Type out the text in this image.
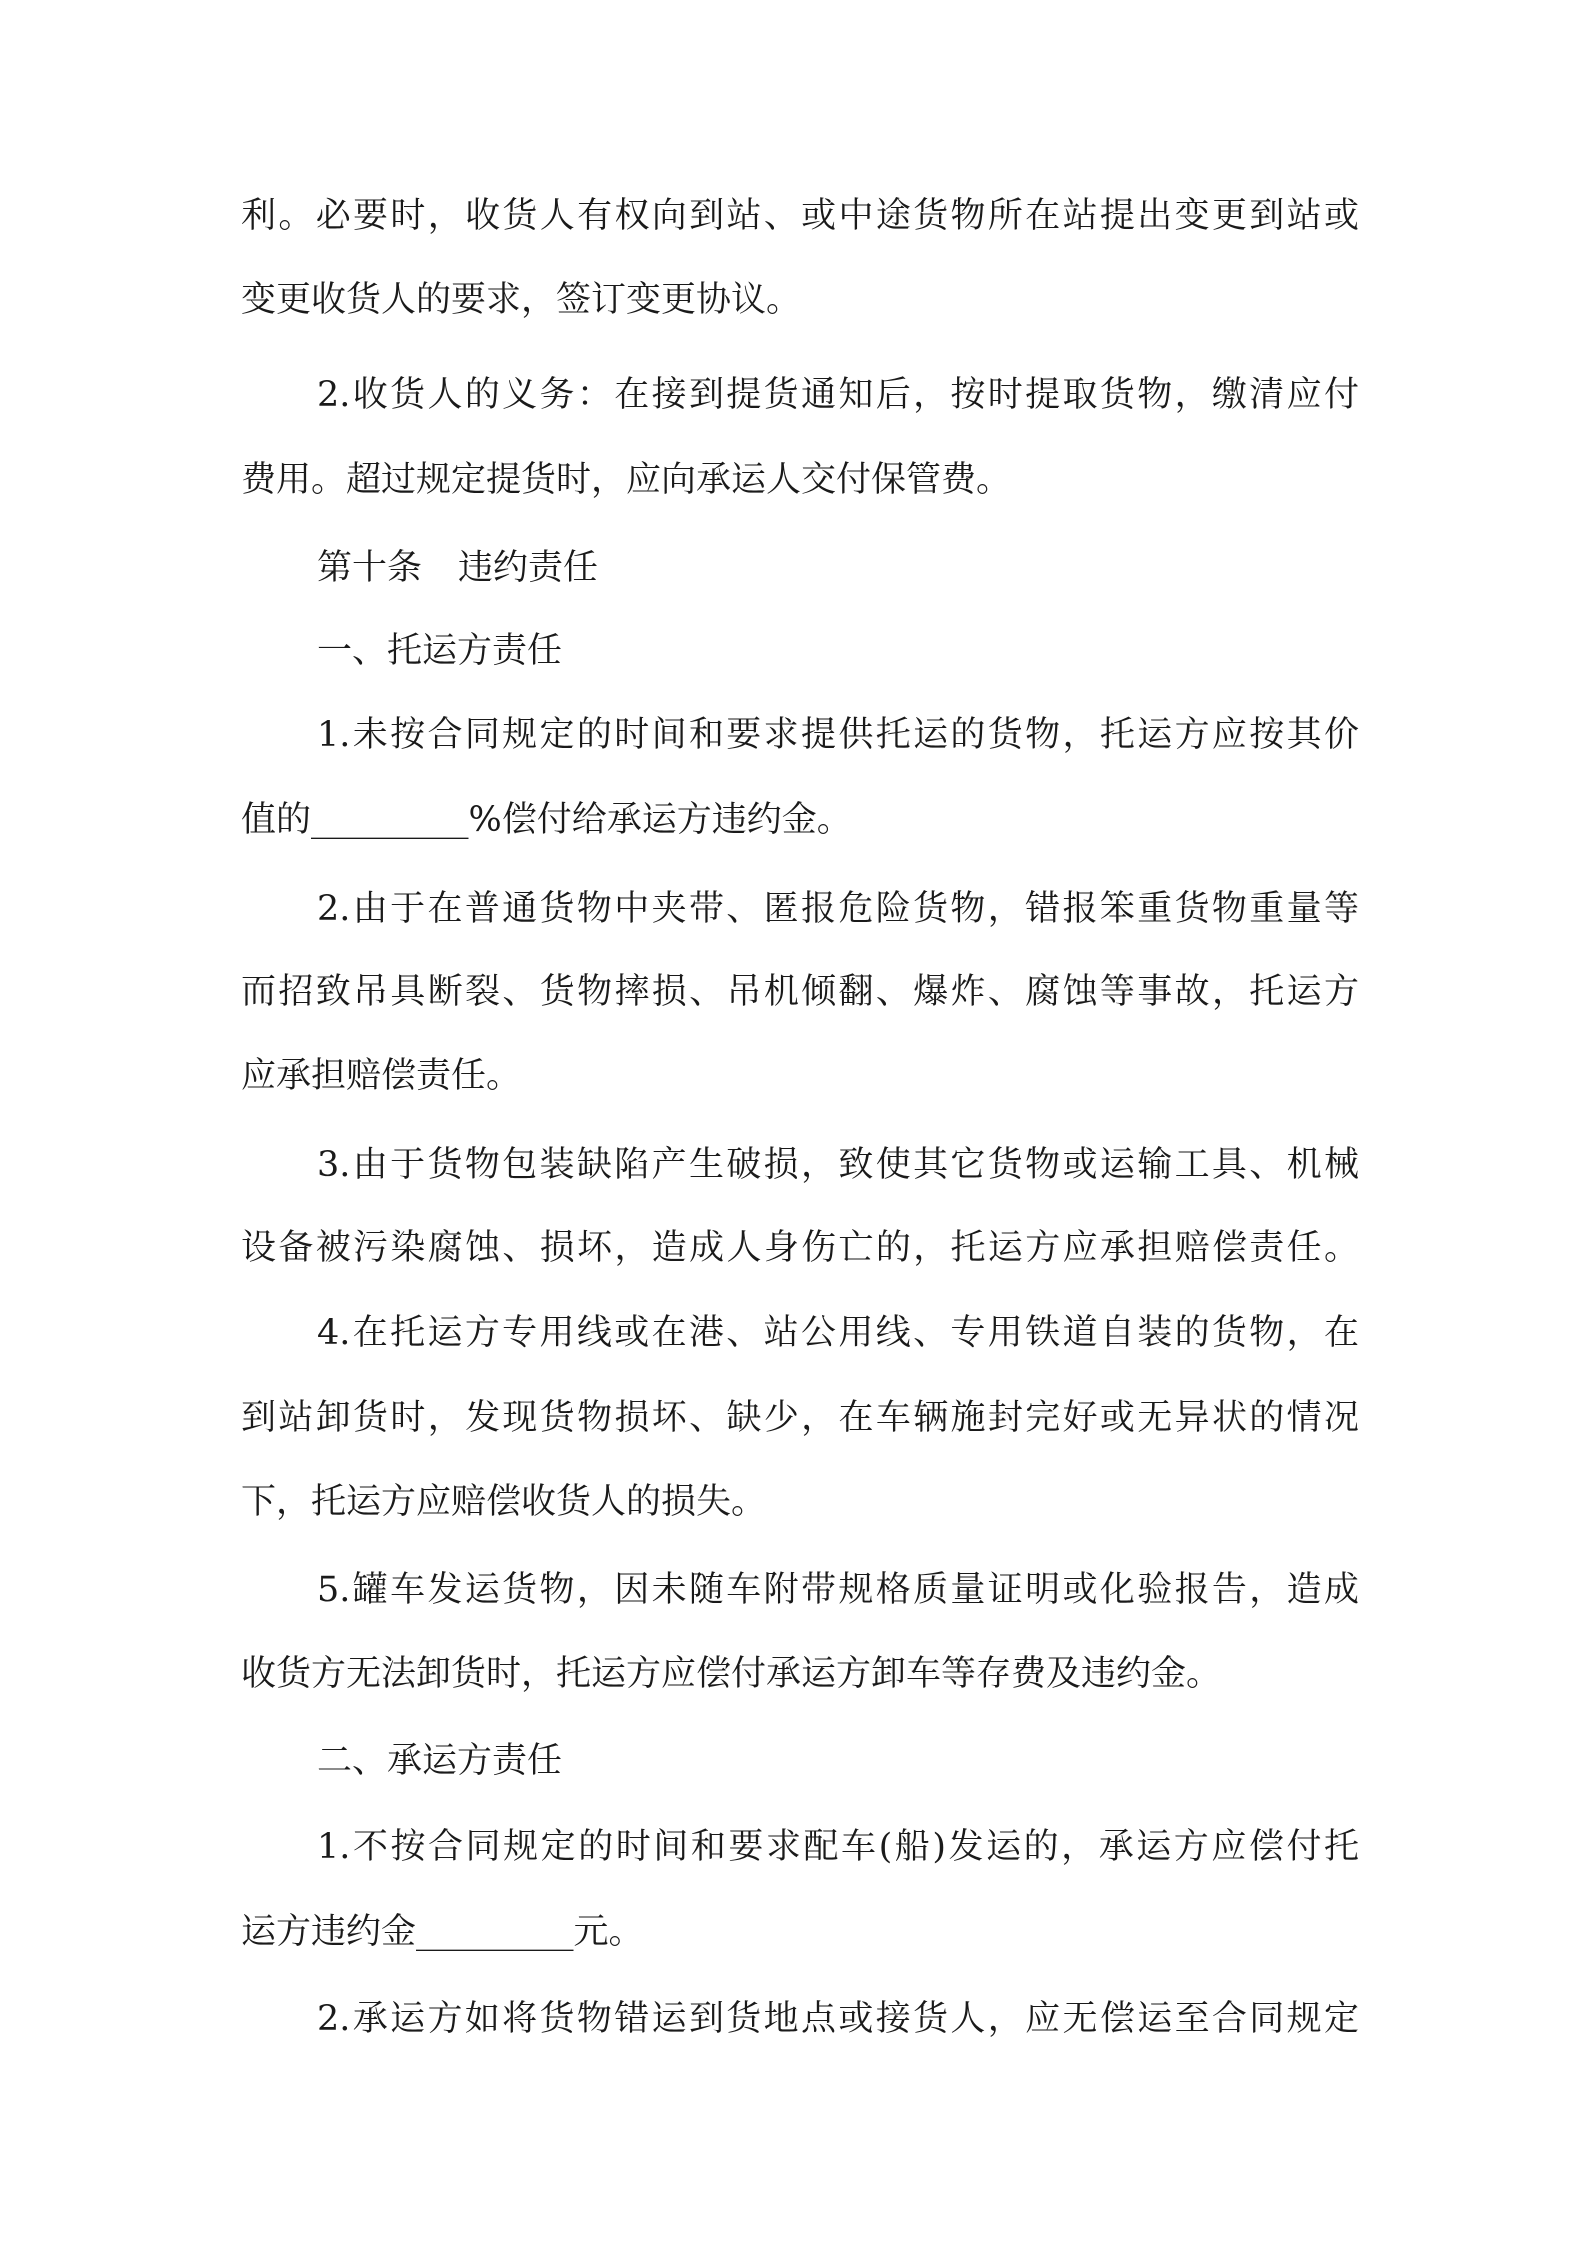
利。必要时，收货人有权向到站、或中途货物所在站提出变更到站或
变更收货人的要求，签订变更协议。
2.收货人的义务：在接到提货通知后，按时提取货物，缴清应付
费用。超过规定提货时，应向承运人交付保管费。
第十条 违约责任
一、托运方责任
1.未按合同规定的时间和要求提供托运的货物，托运方应按其价
值的_________%偿付给承运方违约金。
2.由于在普通货物中夹带、匿报危险货物，错报笨重货物重量等
而招致吊具断裂、货物摔损、吊机倾翻、爆炸、腐蚀等事故，托运方
应承担赔偿责任。
3.由于货物包装缺陷产生破损，致使其它货物或运输工具、机械
设备被污染腐蚀、损坏，造成人身伤亡的，托运方应承担赔偿责任。
4.在托运方专用线或在港、站公用线、专用铁道自装的货物，在
到站卸货时，发现货物损坏、缺少，在车辆施封完好或无异状的情况
下，托运方应赔偿收货人的损失。
5.罐车发运货物，因未随车附带规格质量证明或化验报告，造成
收货方无法卸货时，托运方应偿付承运方卸车等存费及违约金。
二、承运方责任
1.不按合同规定的时间和要求配车(船)发运的，承运方应偿付托
运方违约金_________元。
2.承运方如将货物错运到货地点或接货人，应无偿运至合同规定
